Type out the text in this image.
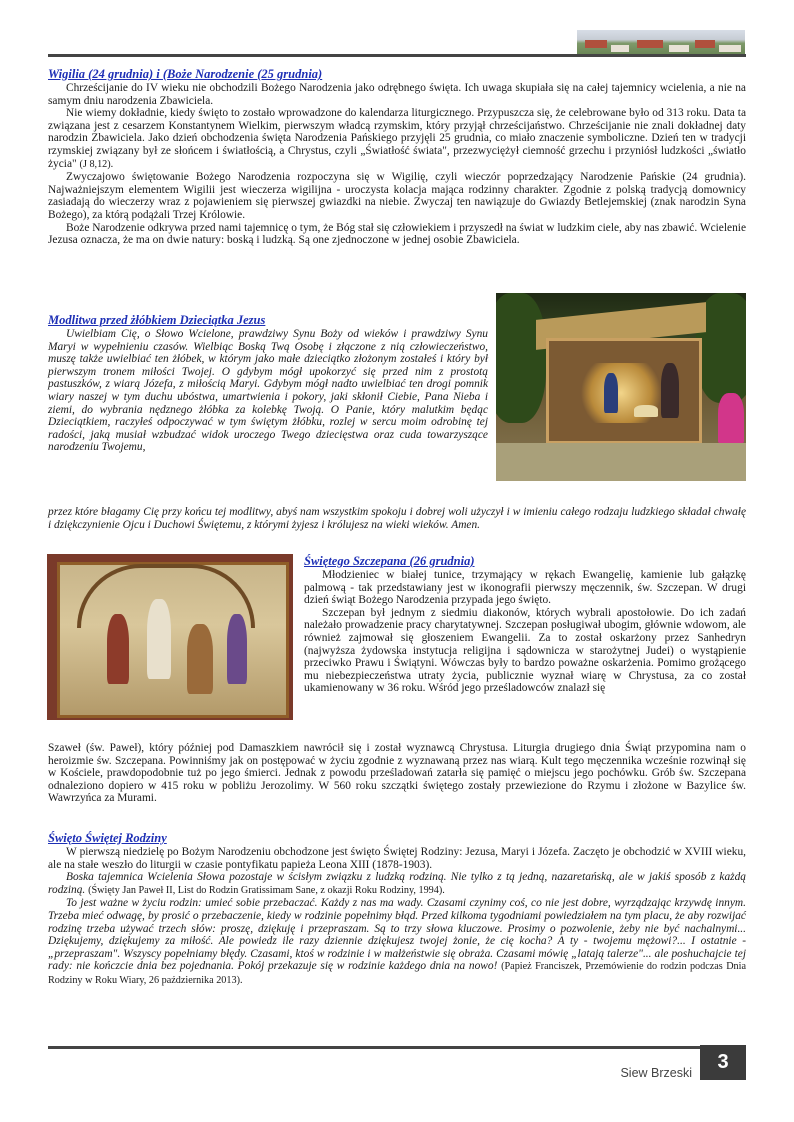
Wigilia (24 grudnia) i (Boże Narodzenie (25 grudnia)

Chrześcijanie do IV wieku nie obchodzili Bożego Narodzenia jako odrębnego święta. Ich uwaga skupiała się na całej tajemnicy wcielenia, a nie na samym dniu narodzenia Zbawiciela.

Nie wiemy dokładnie, kiedy święto to zostało wprowadzone do kalendarza liturgicznego. Przypuszcza się, że celebrowane było od 313 roku. Data ta związana jest z cesarzem Konstantynem Wielkim, pierwszym władcą rzymskim, który przyjął chrześcijaństwo. Chrześcijanie nie znali dokładnej daty narodzin Zbawiciela. Jako dzień obchodzenia święta Narodzenia Pańskiego przyjęli 25 grudnia, co miało znaczenie symboliczne. Dzień ten w tradycji rzymskiej związany był ze słońcem i światłością, a Chrystus, czyli „Światłość świata", przezwyciężył ciemność grzechu i przyniósł ludzkości „światło życia" (J 8,12).

Zwyczajowo świętowanie Bożego Narodzenia rozpoczyna się w Wigilię, czyli wieczór poprzedzający Narodzenie Pańskie (24 grudnia). Najważniejszym elementem Wigilii jest wieczerza wigilijna - uroczysta kolacja mająca rodzinny charakter. Zgodnie z polską tradycją domownicy zasiadają do wieczerzy wraz z pojawieniem się pierwszej gwiazdki na niebie. Zwyczaj ten nawiązuje do Gwiazdy Betlejemskiej (znak narodzin Syna Bożego), za którą podążali Trzej Królowie.

Boże Narodzenie odkrywa przed nami tajemnicę o tym, że Bóg stał się człowiekiem i przyszedł na świat w ludzkim ciele, aby nas zbawić. Wcielenie Jezusa oznacza, że ma on dwie natury: boską i ludzką. Są one zjednoczone w jednej osobie Zbawiciela.

Modlitwa przed żłóbkiem Dzieciątka Jezus

Uwielbiam Cię, o Słowo Wcielone, prawdziwy Synu Boży od wieków i prawdziwy Synu Maryi w wypełnieniu czasów. Wielbiąc Boską Twą Osobę i złączone z nią człowieczeństwo, muszę także uwielbiać ten żłóbek, w którym jako małe dzieciątko złożonym zostałeś i który był pierwszym tronem miłości Twojej. O gdybym mógł upokorzyć się przed nim z prostotą pastuszków, z wiarą Józefa, z miłością Maryi. Gdybym mógł nadto uwielbiać ten drogi pomnik wiary naszej w tym duchu ubóstwa, umartwienia i pokory, jaki skłonił Ciebie, Pana Nieba i ziemi, do wybrania nędznego żłóbka za kolebkę Twoją. O Panie, który malutkim będąc Dzieciątkiem, raczyłeś odpoczywać w tym świętym żłóbku, rozlej w sercu moim odrobinę tej radości, jaką musiał wzbudzać widok uroczego Twego dziecięstwa oraz cuda towarzyszące narodzeniu Twojemu,

przez które błagamy Cię przy końcu tej modlitwy, abyś nam wszystkim spokoju i dobrej woli użyczył i w imieniu całego rodzaju ludzkiego składał chwałę i dziękczynienie Ojcu i Duchowi Świętemu, z którymi żyjesz i królujesz na wieki wieków. Amen.

Świętego Szczepana (26 grudnia)

Młodzieniec w białej tunice, trzymający w rękach Ewangelię, kamienie lub gałązkę palmową - tak przedstawiany jest w ikonografii pierwszy męczennik, św. Szczepan. W drugi dzień świąt Bożego Narodzenia przypada jego święto.

Szczepan był jednym z siedmiu diakonów, których wybrali apostołowie. Do ich zadań należało prowadzenie pracy charytatywnej. Szczepan posługiwał ubogim, głównie wdowom, ale również zajmował się głoszeniem Ewangelii. Za to został oskarżony przez Sanhedryn (najwyższa żydowska instytucja religijna i sądownicza w starożytnej Judei) o wystąpienie przeciwko Prawu i Świątyni. Wówczas były to bardzo poważne oskarżenia. Pomimo grożącego mu niebezpieczeństwa utraty życia, publicznie wyznał wiarę w Chrystusa, za co został ukamienowany w 36 roku. Wśród jego prześladowców znalazł się

Szaweł (św. Paweł), który później pod Damaszkiem nawrócił się i został wyznawcą Chrystusa. Liturgia drugiego dnia Świąt przypomina nam o heroizmie św. Szczepana. Powinniśmy jak on postępować w życiu zgodnie z wyznawaną przez nas wiarą. Kult tego męczennika wcześnie rozwinął się w Kościele, prawdopodobnie tuż po jego śmierci. Jednak z powodu prześladowań zatarła się pamięć o miejscu jego pochówku. Grób św. Szczepana odnaleziono dopiero w 415 roku w pobliżu Jerozolimy. W 560 roku szczątki świętego zostały przewiezione do Rzymu i złożone w Bazylice św. Wawrzyńca za Murami.

Święto Świętej Rodziny

W pierwszą niedzielę po Bożym Narodzeniu obchodzone jest święto Świętej Rodziny: Jezusa, Maryi i Józefa. Zaczęto je obchodzić w XVIII wieku, ale na stałe weszło do liturgii w czasie pontyfikatu papieża Leona XIII (1878-1903).

Boska tajemnica Wcielenia Słowa pozostaje w ścisłym związku z ludzką rodziną. Nie tylko z tą jedną, nazaretańską, ale w jakiś sposób z każdą rodziną. (Święty Jan Paweł II, List do Rodzin Gratissimam Sane, z okazji Roku Rodziny, 1994).

To jest ważne w życiu rodzin: umieć sobie przebaczać. Każdy z nas ma wady. Czasami czynimy coś, co nie jest dobre, wyrządzając krzywdę innym. Trzeba mieć odwagę, by prosić o przebaczenie, kiedy w rodzinie popełnimy błąd. Przed kilkoma tygodniami powiedziałem na tym placu, że aby rozwijać rodzinę trzeba używać trzech słów: proszę, dziękuję i przepraszam. Są to trzy słowa kluczowe. Prosimy o pozwolenie, żeby nie być nachalnymi... Dziękujemy, dziękujemy za miłość. Ale powiedz ile razy dziennie dziękujesz twojej żonie, że cię kocha? A ty - twojemu mężowi?... I ostatnie - „przepraszam". Wszyscy popełniamy błędy. Czasami, ktoś w rodzinie i w małżeństwie się obraża. Czasami mówię „latają talerze"... ale poshuchajcie tej rady: nie kończcie dnia bez pojednania. Pokój przekazuje się w rodzinie każdego dnia na nowo! (Papież Franciszek, Przemówienie do rodzin podczas Dnia Rodziny w Roku Wiary, 26 października 2013).

Siew Brzeski	3
